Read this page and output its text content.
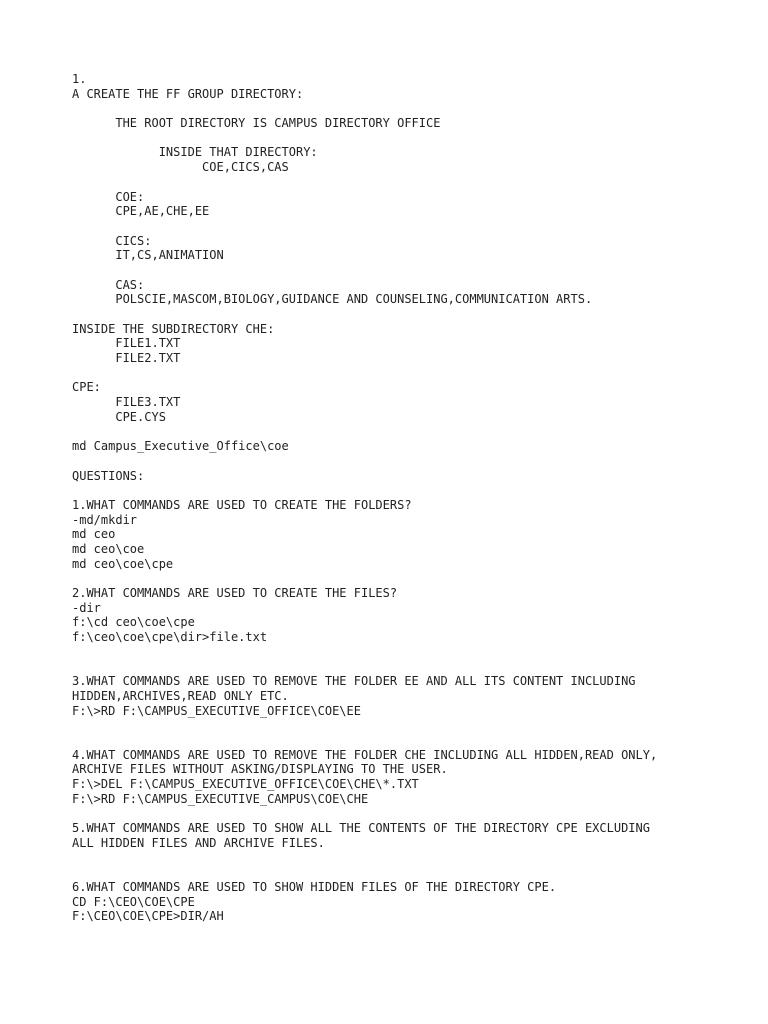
1.
A CREATE THE FF GROUP DIRECTORY:
THE ROOT DIRECTORY IS CAMPUS DIRECTORY OFFICE
INSIDE THAT DIRECTORY:
COE,CICS,CAS
COE:
CPE,AE,CHE,EE
CICS:
IT,CS,ANIMATION
CAS:
POLSCIE,MASCOM,BIOLOGY,GUIDANCE AND COUNSELING,COMMUNICATION ARTS.
INSIDE THE SUBDIRECTORY CHE:
FILE1.TXT
FILE2.TXT
CPE:
FILE3.TXT
CPE.CYS
md Campus_Executive_Office\coe
QUESTIONS:
1.WHAT COMMANDS ARE USED TO CREATE THE FOLDERS?
-md/mkdir
md ceo
md ceo\coe
md ceo\coe\cpe
2.WHAT COMMANDS ARE USED TO CREATE THE FILES?
-dir
f:\cd ceo\coe\cpe
f:\ceo\coe\cpe\dir>file.txt
3.WHAT COMMANDS ARE USED TO REMOVE THE FOLDER EE AND ALL ITS CONTENT INCLUDING
HIDDEN,ARCHIVES,READ ONLY ETC.
F:\>RD F:\CAMPUS_EXECUTIVE_OFFICE\COE\EE
4.WHAT COMMANDS ARE USED TO REMOVE THE FOLDER CHE INCLUDING ALL HIDDEN,READ ONLY,
ARCHIVE FILES WITHOUT ASKING/DISPLAYING TO THE USER.
F:\>DEL F:\CAMPUS_EXECUTIVE_OFFICE\COE\CHE\*.TXT
F:\>RD F:\CAMPUS_EXECUTIVE_CAMPUS\COE\CHE
5.WHAT COMMANDS ARE USED TO SHOW ALL THE CONTENTS OF THE DIRECTORY CPE EXCLUDING
ALL HIDDEN FILES AND ARCHIVE FILES.
6.WHAT COMMANDS ARE USED TO SHOW HIDDEN FILES OF THE DIRECTORY CPE.
CD F:\CEO\COE\CPE
F:\CEO\COE\CPE>DIR/AH
